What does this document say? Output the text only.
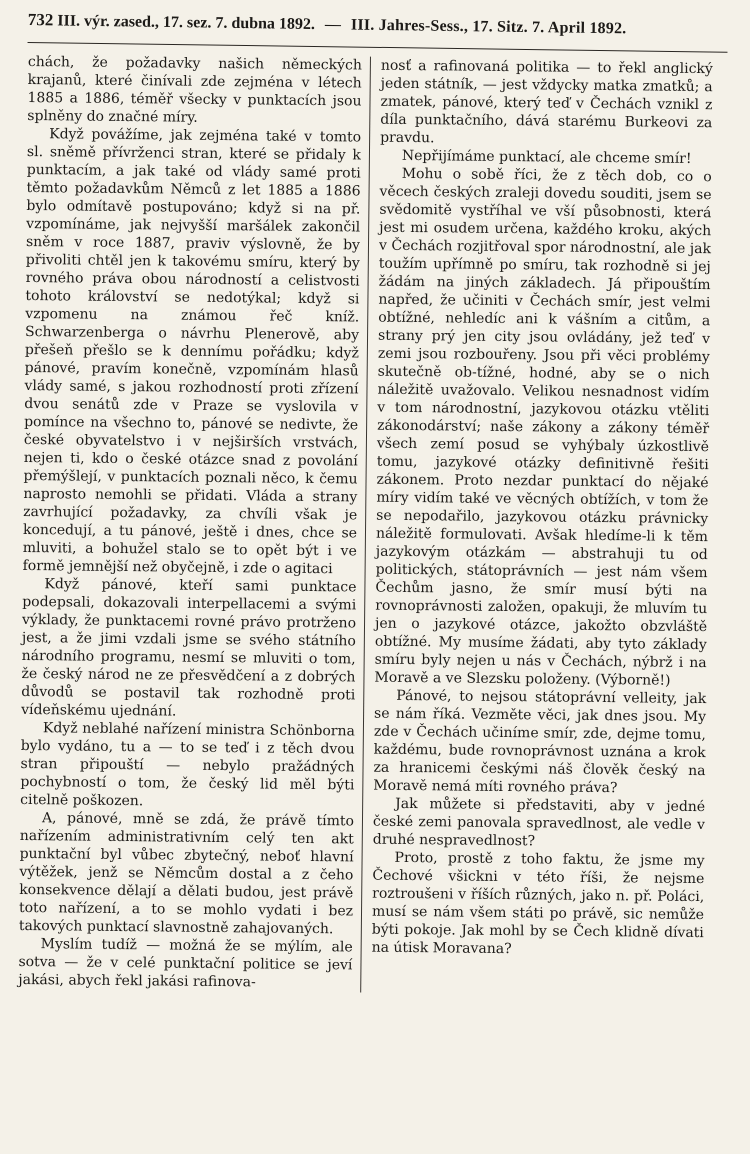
732 III. výr. zased., 17. sez. 7. dubna 1892. — III. Jahres-Sess., 17. Sitz. 7. April 1892.

chách, že požadavky našich německých krajanů, které činívali zde zejména v létech 1885 a 1886, téměř všecky v punktacích jsou splněny do značné míry.

Když povážíme, jak zejména také v tomto sl. sněmě přívrženci stran, které se přidaly k punktacím, a jak také od vlády samé proti těmto požadavkům Němců z let 1885 a 1886 bylo odmítavě postupováno; když si na př. vzpomínáme, jak nejvyšší maršálek zakončil sněm v roce 1887, praviv výslovně, že by přivoliti chtěl jen k takovému smíru, který by rovného práva obou národností a celistvosti tohoto království se nedotýkal; když si vzpomenu na známou řeč kníž. Schwarzenberga o návrhu Plenerově, aby přešeň přešlo se k dennímu pořádku; když pánové, pravím konečně, vzpomínám hlasů vlády samé, s jakou rozhodností proti zřízení dvou senátů zde v Praze se vyslovila v pomínce na všechno to, pánové se nedivte, že české obyvatelstvo i v nejširších vrstvách, nejen ti, kdo o české otázce snad z povolání přemýšlejí, v punktacích poznali něco, k čemu naprosto nemohli se přidati. Vláda a strany zavrhující požadavky, za chvíli však je koncedují, a tu pánové, ještě i dnes, chce se mluviti, a bohužel stalo se to opět být i ve formě jemnější než obyčejně, i zde o agitaci

Když pánové, kteří sami punktace podepsali, dokazovali interpellacemi a svými výklady, že punktacemi rovné právo protrženo jest, a že jimi vzdali jsme se svého státního národního programu, nesmí se mluviti o tom, že český národ ne ze přesvědčení a z dobrých důvodů se postavil tak rozhodně proti vídeňskému ujednání.

Když neblahé nařízení ministra Schönborna bylo vydáno, tu a — to se teď i z těch dvou stran připouští — nebylo pražádných pochybností o tom, že český lid měl býti citelně poškozen.

A, pánové, mně se zdá, že právě tímto nařízením administrativním celý ten akt punktační byl vůbec zbytečný, neboť hlavní výtěžek, jenž se Němcům dostal a z čeho konsekvence dělají a dělati budou, jest právě toto nařízení, a to se mohlo vydati i bez takových punktací slavnostně zahajovaných.

Myslím tudíž — možná že se mýlím, ale sotva — že v celé punktační politice se jeví jakási, abych řekl jakási rafinova-

nosť a rafinovaná politika — to řekl anglický jeden státník, — jest vždycky matka zmatků; a zmatek, pánové, který teď v Čechách vznikl z díla punktačního, dává starému Burkeovi za pravdu.

Nepřijímáme punktací, ale chceme smír!

Mohu o sobě říci, že z těch dob, co o věcech českých zraleji dovedu souditi, jsem se svědomitě vystříhal ve vší působnosti, která jest mi osudem určena, každého kroku, akých v Čechách rozjitřoval spor národnostní, ale jak toužím upřímně po smíru, tak rozhodně si jej žádám na jiných základech. Já připouštím napřed, že učiniti v Čechách smír, jest velmi obtížné, nehledíc ani k vášním a citům, a strany prý jen city jsou ovládány, jež teď v zemi jsou rozbouřeny. Jsou při věci problémy skutečně ob-tížné, hodné, aby se o nich náležitě uvažovalo. Velikou nesnadnost vidím v tom národnostní, jazykovou otázku vtěliti zákonodárství; naše zákony a zákony téměř všech zemí posud se vyhýbaly úzkostlivě tomu, jazykové otázky definitivně řešiti zákonem. Proto nezdar punktací do nějaké míry vidím také ve věcných obtížích, v tom že se nepodařilo, jazykovou otázku právnicky náležitě formulovati. Avšak hledíme-li k těm jazykovým otázkám — abstrahuji tu od politických, státoprávních — jest nám všem Čechům jasno, že smír musí býti na rovnoprávnosti založen, opakuji, že mluvím tu jen o jazykové otázce, jakožto obzvláště obtížné. My musíme žádati, aby tyto základy smíru byly nejen u nás v Čechách, nýbrž i na Moravě a ve Slezsku položeny. (Výborně!)

Pánové, to nejsou státoprávní velleity, jak se nám říká. Vezměte věci, jak dnes jsou. My zde v Čechách učiníme smír, zde, dejme tomu, každému, bude rovnoprávnost uznána a krok za hranicemi českými náš člověk český na Moravě nemá míti rovného práva?

Jak můžete si představiti, aby v jedné české zemi panovala spravedlnost, ale vedle v druhé nespravedlnost?

Proto, prostě z toho faktu, že jsme my Čechové všickni v této říši, že nejsme roztroušeni v říších různých, jako n. př. Poláci, musí se nám všem státi po právě, sic nemůže býti pokoje. Jak mohl by se Čech klidně dívati na útisk Moravana?
